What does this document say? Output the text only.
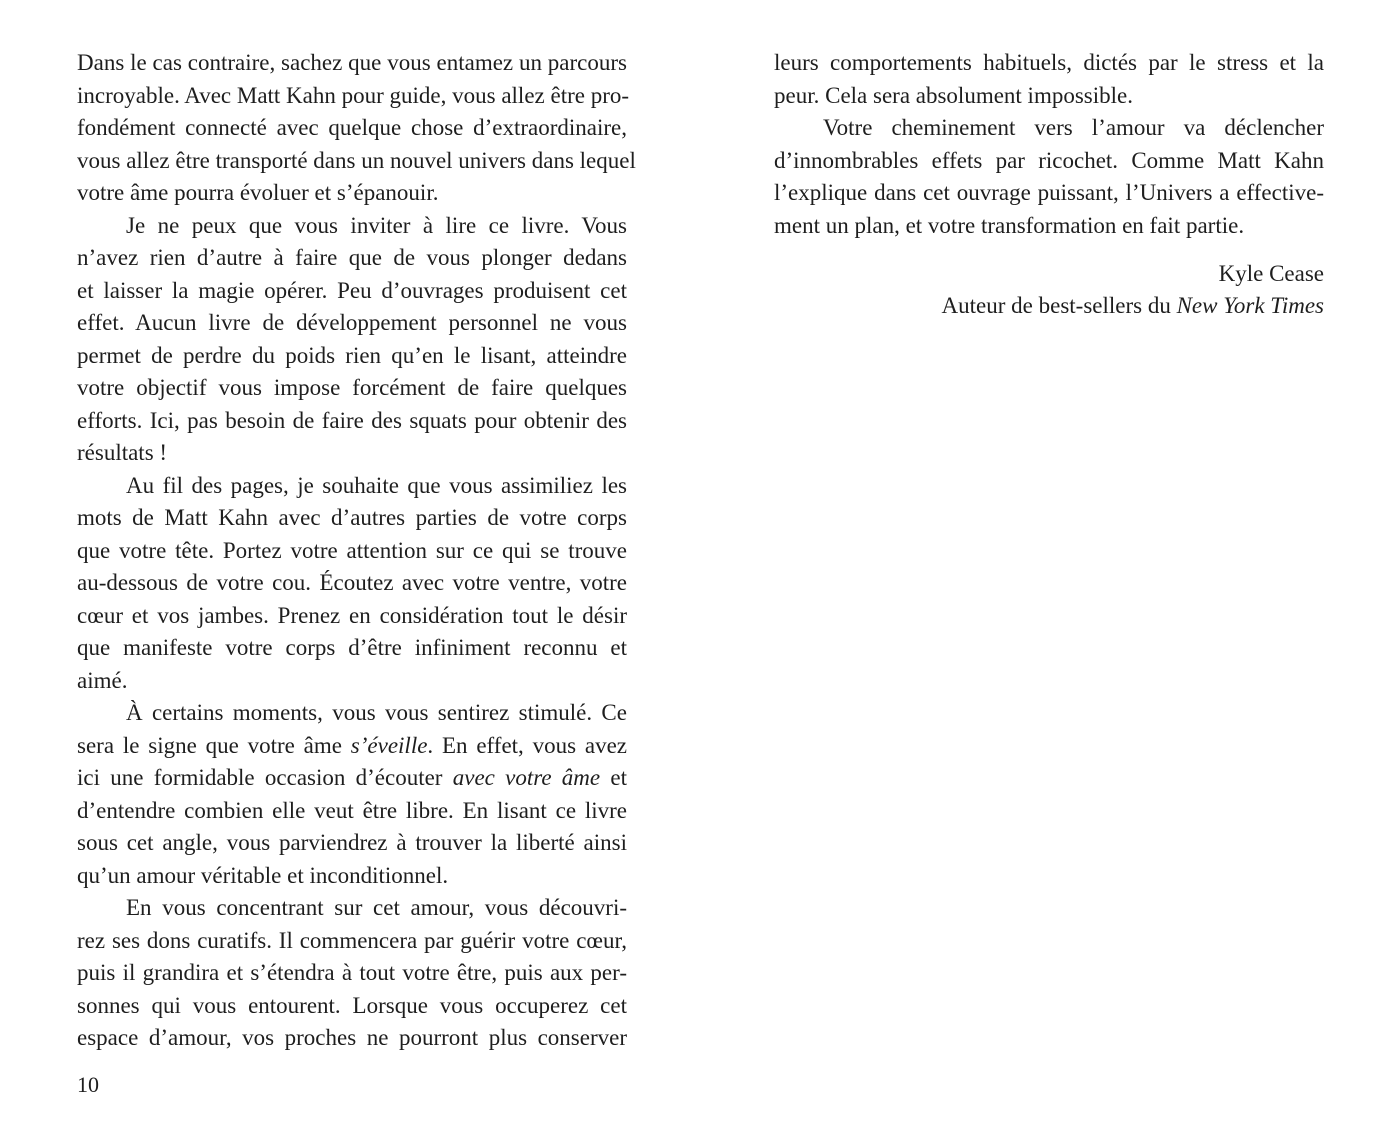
Dans le cas contraire, sachez que vous entamez un parcours
incroyable. Avec Matt Kahn pour guide, vous allez être pro-
fondément connecté avec quelque chose d’extraordinaire,
vous allez être transporté dans un nouvel univers dans lequel
votre âme pourra évoluer et s’épanouir.
Je ne peux que vous inviter à lire ce livre. Vous
n’avez rien d’autre à faire que de vous plonger dedans
et laisser la magie opérer. Peu d’ouvrages produisent cet
effet. Aucun livre de développement personnel ne vous
permet de perdre du poids rien qu’en le lisant, atteindre
votre objectif vous impose forcément de faire quelques
efforts. Ici, pas besoin de faire des squats pour obtenir des
résultats !
Au fil des pages, je souhaite que vous assimiliez les
mots de Matt Kahn avec d’autres parties de votre corps
que votre tête. Portez votre attention sur ce qui se trouve
au-dessous de votre cou. Écoutez avec votre ventre, votre
cœur et vos jambes. Prenez en considération tout le désir
que manifeste votre corps d’être infiniment reconnu et
aimé.
À certains moments, vous vous sentirez stimulé. Ce
sera le signe que votre âme s’éveille. En effet, vous avez
ici une formidable occasion d’écouter avec votre âme et
d’entendre combien elle veut être libre. En lisant ce livre
sous cet angle, vous parviendrez à trouver la liberté ainsi
qu’un amour véritable et inconditionnel.
En vous concentrant sur cet amour, vous découvri-
rez ses dons curatifs. Il commencera par guérir votre cœur,
puis il grandira et s’étendra à tout votre être, puis aux per-
sonnes qui vous entourent. Lorsque vous occuperez cet
espace d’amour, vos proches ne pourront plus conserver
10
leurs comportements habituels, dictés par le stress et la
peur. Cela sera absolument impossible.
Votre cheminement vers l’amour va déclencher
d’innombrables effets par ricochet. Comme Matt Kahn
l’explique dans cet ouvrage puissant, l’Univers a effective-
ment un plan, et votre transformation en fait partie.
Kyle Cease
Auteur de best-sellers du New York Times
